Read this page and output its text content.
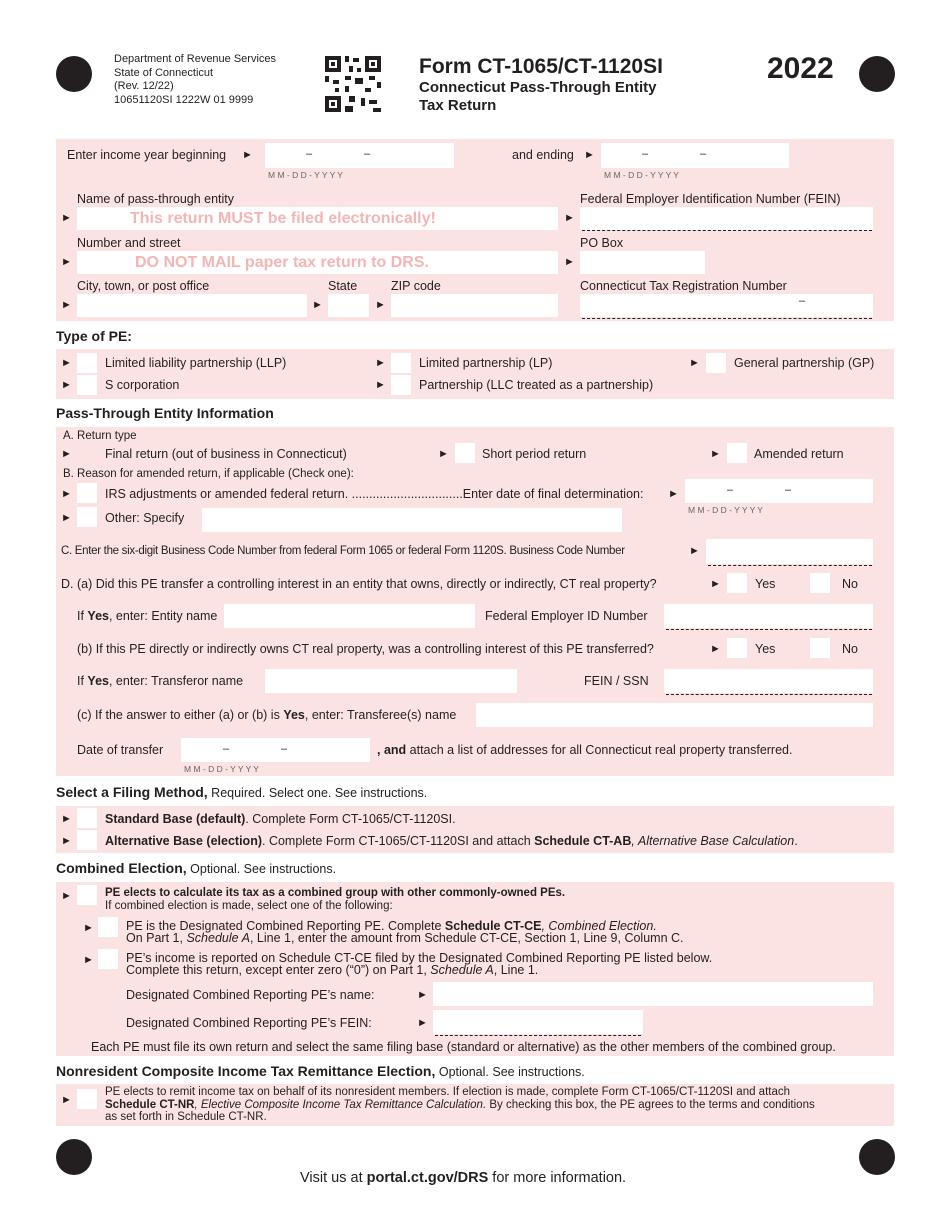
Department of Revenue Services
State of Connecticut
(Rev. 12/22)
10651120SI 1222W 01 9999
Form CT-1065/CT-1120SI
Connecticut Pass-Through Entity
Tax Return
2022
Enter income year beginning ►	–	–
M M - D D - Y Y Y Y
and ending ►	–	–
M M - D D - Y Y Y Y
Name of pass-through entity
►	This return MUST be filed electronically!
Federal Employer Identification Number (FEIN)
►
Number and street
►	DO NOT MAIL paper tax return to DRS.
PO Box
►
City, town, or post office
►
State
►
ZIP code
►
Connecticut Tax Registration Number
–
Type of PE:
►	Limited liability partnership (LLP)	►	Limited partnership (LP)	►	General partnership (GP)
►	S corporation	►	Partnership (LLC treated as a partnership)
Pass-Through Entity Information
A. Return type
►	Final return (out of business in Connecticut)	►	Short period return	►	Amended return
B. Reason for amended return, if applicable (Check one):
►	IRS adjustments or amended federal return. ................................Enter date of final determination: ►	–	–
M M - D D - Y Y Y Y
►	Other: Specify
C. Enter the six-digit Business Code Number from federal Form 1065 or federal Form 1120S. Business Code Number	►
D. (a) Did this PE transfer a controlling interest in an entity that owns, directly or indirectly, CT real property?	►	Yes	No
If Yes, enter: Entity name	Federal Employer ID Number
(b) If this PE directly or indirectly owns CT real property, was a controlling interest of this PE transferred?	►	Yes	No
If Yes, enter: Transferor name	FEIN / SSN
(c) If the answer to either (a) or (b) is Yes, enter: Transferee(s) name
Date of transfer	–	–
M M - D D - Y Y Y Y
, and attach a list of addresses for all Connecticut real property transferred.
Select a Filing Method, Required. Select one. See instructions.
►	Standard Base (default). Complete Form CT-1065/CT-1120SI.
►	Alternative Base (election). Complete Form CT-1065/CT-1120SI and attach Schedule CT-AB, Alternative Base Calculation.
Combined Election, Optional. See instructions.
►	PE elects to calculate its tax as a combined group with other commonly-owned PEs.
If combined election is made, select one of the following:
►	PE is the Designated Combined Reporting PE. Complete Schedule CT-CE, Combined Election.
On Part 1, Schedule A, Line 1, enter the amount from Schedule CT-CE, Section 1, Line 9, Column C.
►	PE’s income is reported on Schedule CT-CE filed by the Designated Combined Reporting PE listed below.
Complete this return, except enter zero (“0”) on Part 1, Schedule A, Line 1.
Designated Combined Reporting PE’s name:	►
Designated Combined Reporting PE’s FEIN:	►
Each PE must file its own return and select the same filing base (standard or alternative) as the other members of the combined group.
Nonresident Composite Income Tax Remittance Election, Optional. See instructions.
►
PE elects to remit income tax on behalf of its nonresident members. If election is made, complete Form CT-1065/CT-1120SI and attach
Schedule CT-NR, Elective Composite Income Tax Remittance Calculation. By checking this box, the PE agrees to the terms and conditions
as set forth in Schedule CT-NR.
Visit us at portal.ct.gov/DRS for more information.
